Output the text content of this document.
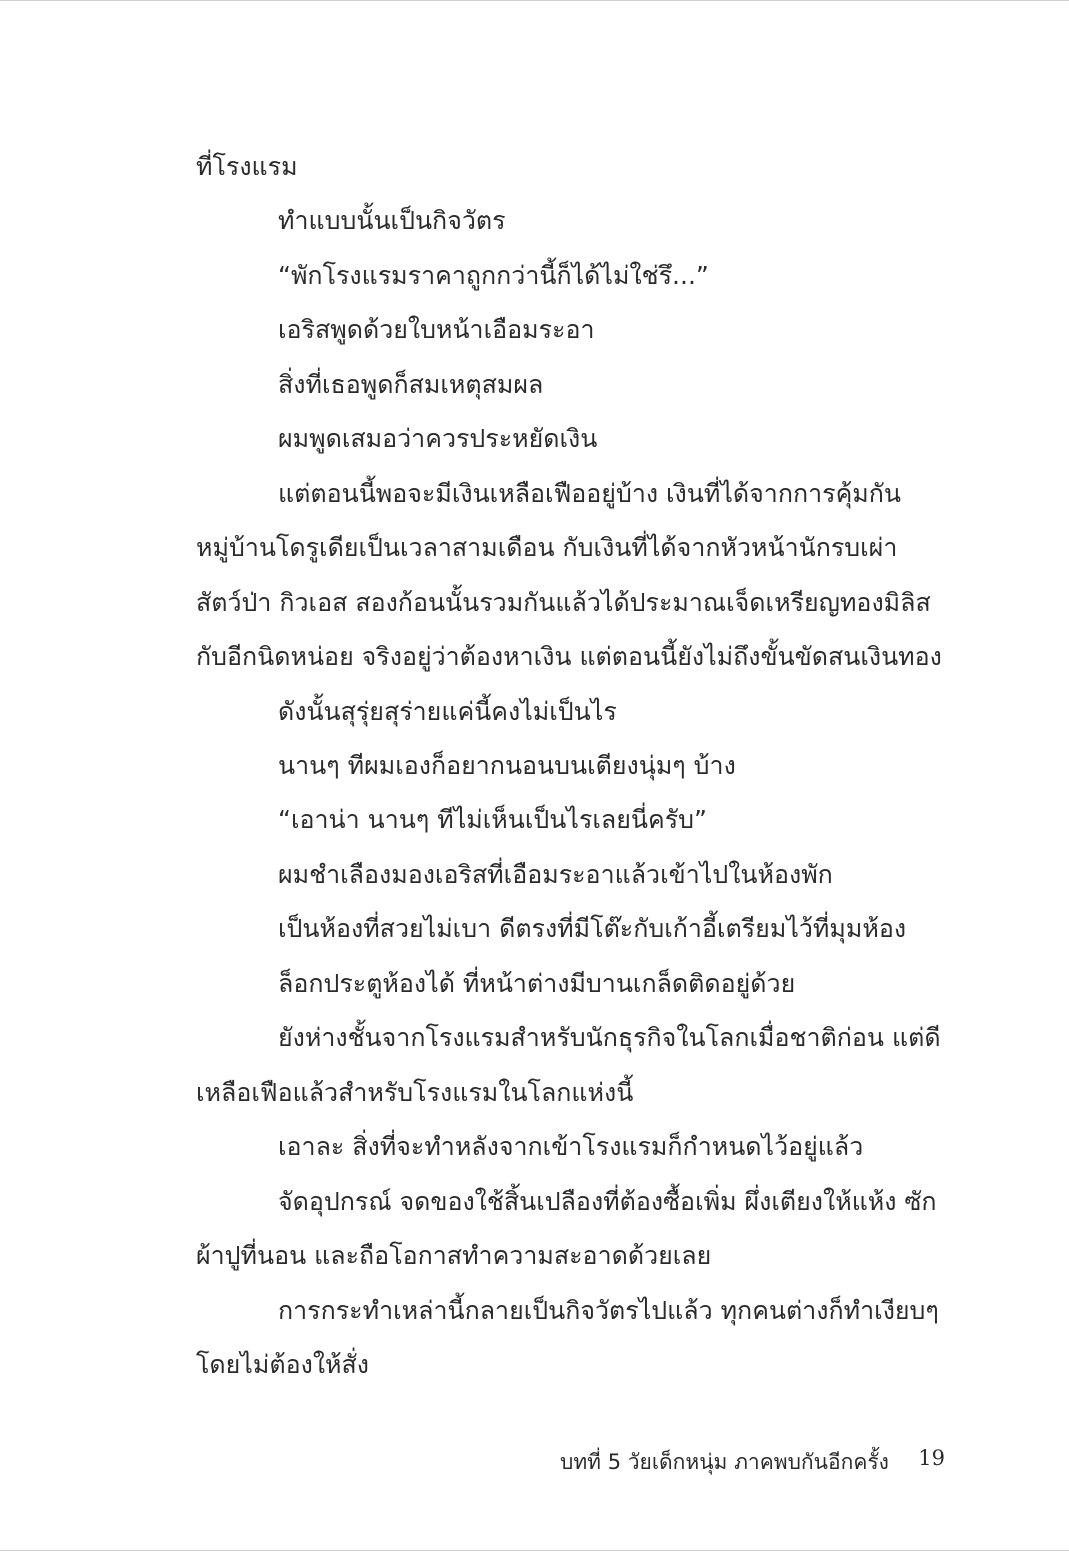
ที่โรงแรม

ทำแบบนั้นเป็นกิจวัตร

“พักโรงแรมราคาถูกกว่านี้ก็ได้ไม่ใช่รึ...”

เอริสพูดด้วยใบหน้าเอือมระอา

สิ่งที่เธอพูดก็สมเหตุสมผล

ผมพูดเสมอว่าควรประหยัดเงิน

แต่ตอนนี้พอจะมีเงินเหลือเฟืออยู่บ้าง เงินที่ได้จากการคุ้มกัน

หมู่บ้านโดรูเดียเป็นเวลาสามเดือน กับเงินที่ได้จากหัวหน้านักรบเผ่า

สัตว์ป่า กิวเอส สองก้อนนั้นรวมกันแล้วได้ประมาณเจ็ดเหรียญทองมิลิส

กับอีกนิดหน่อย จริงอยู่ว่าต้องหาเงิน แต่ตอนนี้ยังไม่ถึงขั้นขัดสนเงินทอง

ดังนั้นสุรุ่ยสุร่ายแค่นี้คงไม่เป็นไร

นานๆ ทีผมเองก็อยากนอนบนเตียงนุ่มๆ บ้าง

“เอาน่า นานๆ ทีไม่เห็นเป็นไรเลยนี่ครับ”

ผมชำเลืองมองเอริสที่เอือมระอาแล้วเข้าไปในห้องพัก

เป็นห้องที่สวยไม่เบา ดีตรงที่มีโต๊ะกับเก้าอี้เตรียมไว้ที่มุมห้อง

ล็อกประตูห้องได้ ที่หน้าต่างมีบานเกล็ดติดอยู่ด้วย

ยังห่างชั้นจากโรงแรมสำหรับนักธุรกิจในโลกเมื่อชาติก่อน แต่ดี

เหลือเฟือแล้วสำหรับโรงแรมในโลกแห่งนี้

เอาละ สิ่งที่จะทำหลังจากเข้าโรงแรมก็กำหนดไว้อยู่แล้ว

จัดอุปกรณ์ จดของใช้สิ้นเปลืองที่ต้องซื้อเพิ่ม ผึ่งเตียงให้แห้ง ซัก

ผ้าปูที่นอน และถือโอกาสทำความสะอาดด้วยเลย

การกระทำเหล่านี้กลายเป็นกิจวัตรไปแล้ว ทุกคนต่างก็ทำเงียบๆ

โดยไม่ต้องให้สั่ง

บทที่ 5 วัยเด็กหนุ่ม ภาคพบกันอีกครั้ง 19
